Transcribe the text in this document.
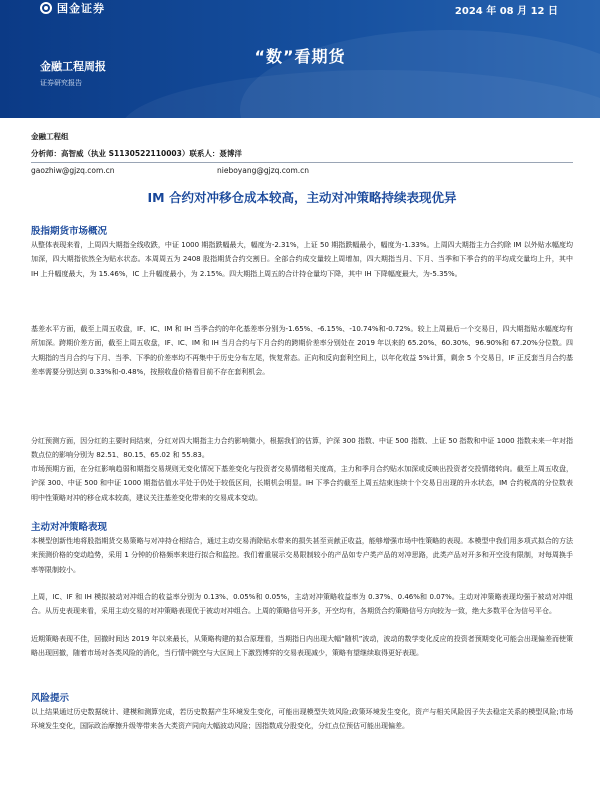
国金证券	2024 年 08 月 12 日
金融工程周报
证券研究报告
“数”看期货
金融工程组
分析师：高智威（执业 S1130522110003）联系人：聂博洋
gaozhiw@gjzq.com.cn	nieboyang@gjzq.com.cn
IM 合约对冲移仓成本较高，主动对冲策略持续表现优异
股指期货市场概况
从整体表现来看，上周四大期指全线收跌，中证 1000 期指跌幅最大，幅度为-2.31%，上证 50 期指跌幅最小，幅度为-1.33%。上周四大期指主力合约除 IM 以外贴水幅度均加深，四大期指依然全为贴水状态。本周周五为 2408 股指期货合约交割日。全部合约成交量较上周增加，四大期指当月、下月、当季和下季合约的平均成交量均上升，其中 IH 上升幅度最大，为 15.46%，IC 上升幅度最小，为 2.15%。四大期指上周五的合计持仓量均下降，其中 IH 下降幅度最大，为-5.35%。
基差水平方面，截至上周五收盘，IF、IC、IM 和 IH 当季合约的年化基差率分别为-1.65%、-6.15%、-10.74%和-0.72%。较上上周最后一个交易日，四大期指贴水幅度均有所加深。跨期价差方面，截至上周五收盘，IF、IC、IM 和 IH 当月合约与下月合约的跨期价差率分别处在 2019 年以来的 65.20%、60.30%、96.90%和 67.20%分位数。四大期指的当月合约与下月、当季、下季的价差率均不再集中于历史分布左尾，恢复常态。正向和反向套利空间上，以年化收益 5%计算，剩余 5 个交易日，IF 正反套当月合约基差率需要分别达到 0.33%和-0.48%，按照收盘价格看目前不存在套利机会。
分红预测方面，因分红的主要时间结束，分红对四大期指主力合约影响微小，根据我们的估算，沪深 300 指数、中证 500 指数、上证 50 指数和中证 1000 指数未来一年对指数点位的影响分别为 82.51、80.15、65.02 和 55.83。
市场预期方面，在分红影响趋弱和期指交易规则无变化情况下基差变化与投资者交易情绪相关度高，主力和季月合约贴水加深或反映出投资者交投情绪转向。截至上周五收盘，沪深 300、中证 500 和中证 1000 期指估值水平处于仍处于较低区间，长期机会明显。IH 下季合约截至上周五结束连续十个交易日出现的升水状态，IM 合约税高的分位数表明中性策略对冲的移仓成本较高，建议关注基差变化带来的交易成本变动。
主动对冲策略表现
本模型创新性地将股指期货交易策略与对冲持仓相结合，通过主动交易消除贴水带来的损失甚至贡献正收益，能够增强市场中性策略的表现。本模型中我们用多项式拟合的方法来预测价格的变动趋势，采用 1 分钟的价格频率来进行拟合和监控。我们着重展示交易限制较小的产品如专户类产品的对冲思路，此类产品对开多和开空没有限制，对每周换手率等限制较小。
上周，IC、IF 和 IH 模拟被动对冲组合的收益率分别为 0.13%、0.05%和 0.05%，主动对冲策略收益率为 0.37%、0.46%和 0.07%。主动对冲策略表现均强于被动对冲组合。从历史表现来看，采用主动交易的对冲策略表现优于被动对冲组合。上周的策略信号开多，开空均有，各期货合约策略信号方向较为一致，绝大多数平仓为信号平仓。
近期策略表现不佳，回撤时间达 2019 年以来最长，从策略构建的拟合原理看，当期指日内出现大幅“随机”波动，波动的数学变化反应的投资者预期变化可能会出现偏差而使策略出现回撤，随着市场对各类风险的消化，当行情中跳空与大区间上下激烈博弈的交易表现减少，策略有望继续取得更好表现。
风险提示
以上结果通过历史数据统计、建模和测算完成，若历史数据产生环境发生变化，可能出现模型失效风险;政策环境发生变化，资产与相关风险因子失去稳定关系的模型风险;市场环境发生变化，国际政治摩擦升级等带来各大类资产同向大幅波动风险；因指数成分股变化，分红点位预估可能出现偏差。
